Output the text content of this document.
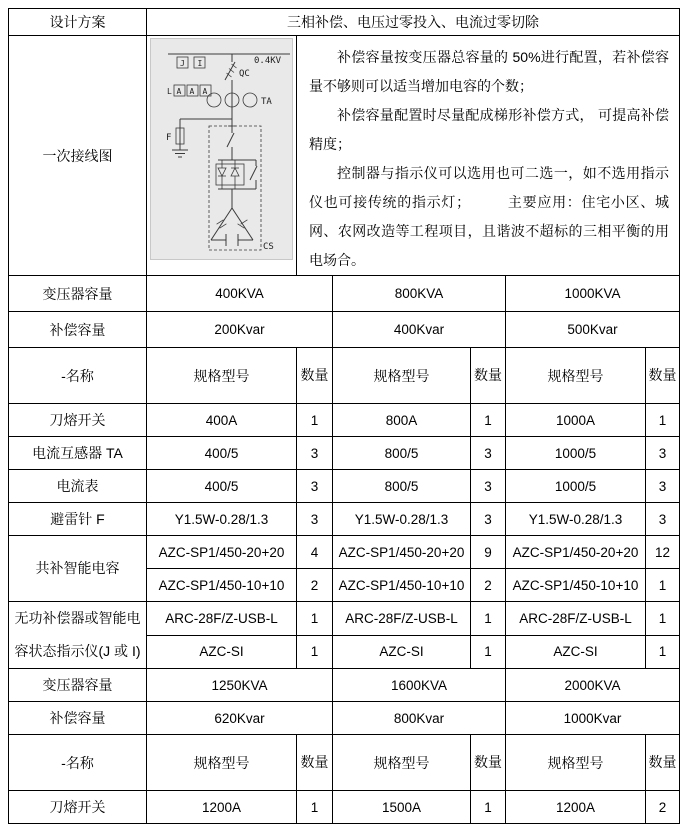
设计方案	三相补偿、电压过零投入、电流过零切除					
一次接线图	
0.4KV
J I
L A A A
QC
TA
F
CS

补偿容量按变压器总容量的 50%进行配置，若补偿容量不够则可以适当增加电容的个数；

补偿容量配置时尽量配成梯形补偿方式， 可提高补偿精度；

控制器与指示仪可以选用也可二选一，如不选用指示仪也可接传统的指示灯；　　　主要应用：住宅小区、城网、农网改造等工程项目，且谐波不超标的三相平衡的用电场合。

变压器容量	400KVA		800KVA		1000KVA	
补偿容量	200Kvar		400Kvar		500Kvar	
-名称	规格型号	数量	规格型号	数量	规格型号	数量
刀熔开关	400A	1	800A	1	1000A	1
电流互感器 TA	400/5	3	800/5	3	1000/5	3
电流表	400/5	3	800/5	3	1000/5	3
避雷针 F	Y1.5W-0.28/1.3	3	Y1.5W-0.28/1.3	3	Y1.5W-0.28/1.3	3
共补智能电容	AZC-SP1/450-20+20	4	AZC-SP1/450-20+20	9	AZC-SP1/450-20+20	12
	AZC-SP1/450-10+10	2	AZC-SP1/450-10+10	2	AZC-SP1/450-10+10	1
无功补偿器或智能电容状态指示仪(J 或 I)	ARC-28F/Z-USB-L	1	ARC-28F/Z-USB-L	1	ARC-28F/Z-USB-L	1
	AZC-SI	1	AZC-SI	1	AZC-SI	1
变压器容量	1250KVA		1600KVA		2000KVA	
补偿容量	620Kvar		800Kvar		1000Kvar	
-名称	规格型号	数量	规格型号	数量	规格型号	数量
刀熔开关	1200A	1	1500A	1	1200A	2
